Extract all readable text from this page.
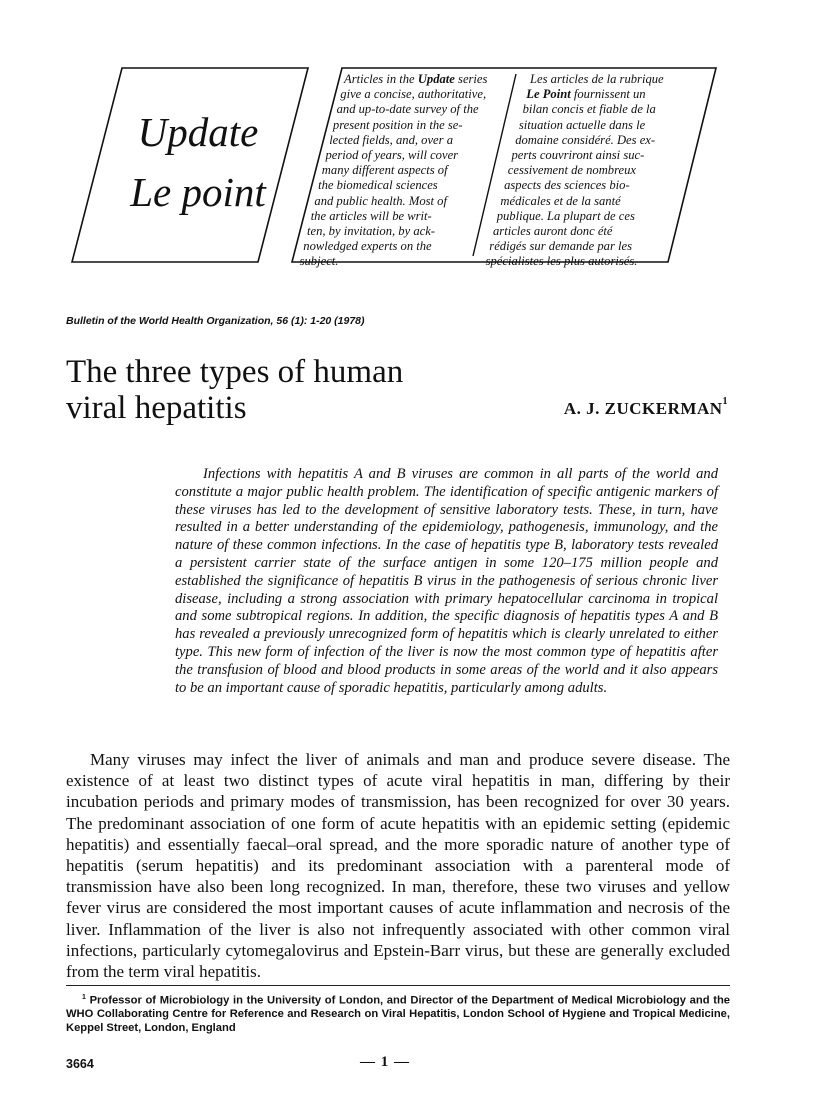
Update
Le point
Articles in the Update series
give a concise, authoritative,
and up-to-date survey of the
present position in the se-
lected fields, and, over a
period of years, will cover
many different aspects of
the biomedical sciences
and public health. Most of
the articles will be writ-
ten, by invitation, by ack-
nowledged experts on the
subject.
Les articles de la rubrique
Le Point fournissent un
bilan concis et fiable de la
situation actuelle dans le
domaine considéré. Des ex-
perts couvriront ainsi suc-
cessivement de nombreux
aspects des sciences bio-
médicales et de la santé
publique. La plupart de ces
articles auront donc été
rédigés sur demande par les
spécialistes les plus autorisés.
Bulletin of the World Health Organization, 56 (1): 1-20 (1978)
The three types of human
viral hepatitis	A. J. ZUCKERMAN$^1$

Infections with hepatitis A and B viruses are common in all parts of the world and constitute a major public health problem. The identification of specific antigenic markers of these viruses has led to the development of sensitive laboratory tests. These, in turn, have resulted in a better understanding of the epidemiology, pathogenesis, immunology, and the nature of these common infections. In the case of hepatitis type B, laboratory tests revealed a persistent carrier state of the surface antigen in some 120–175 million people and established the significance of hepatitis B virus in the pathogenesis of serious chronic liver disease, including a strong association with primary hepatocellular carcinoma in tropical and some subtropical regions. In addition, the specific diagnosis of hepatitis types A and B has revealed a previously unrecognized form of hepatitis which is clearly unrelated to either type. This new form of infection of the liver is now the most common type of hepatitis after the transfusion of blood and blood products in some areas of the world and it also appears to be an important cause of sporadic hepatitis, particularly among adults.

Many viruses may infect the liver of animals and man and produce severe disease. The existence of at least two distinct types of acute viral hepatitis in man, differing by their incubation periods and primary modes of transmission, has been recognized for over 30 years. The predominant association of one form of acute hepatitis with an epidemic setting (epidemic hepatitis) and essentially faecal–oral spread, and the more sporadic nature of another type of hepatitis (serum hepatitis) and its predominant association with a parenteral mode of transmission have also been long recognized. In man, therefore, these two viruses and yellow fever virus are considered the most important causes of acute inflammation and necrosis of the liver. Inflammation of the liver is also not infrequently associated with other common viral infections, particularly cytomegalovirus and Epstein-Barr virus, but these are generally excluded from the term viral hepatitis.

$^1$ Professor of Microbiology in the University of London, and Director of the Department of Medical Microbiology and the WHO Collaborating Centre for Reference and Research on Viral Hepatitis, London School of Hygiene and Tropical Medicine, Keppel Street, London, England

3664	— 1 —
